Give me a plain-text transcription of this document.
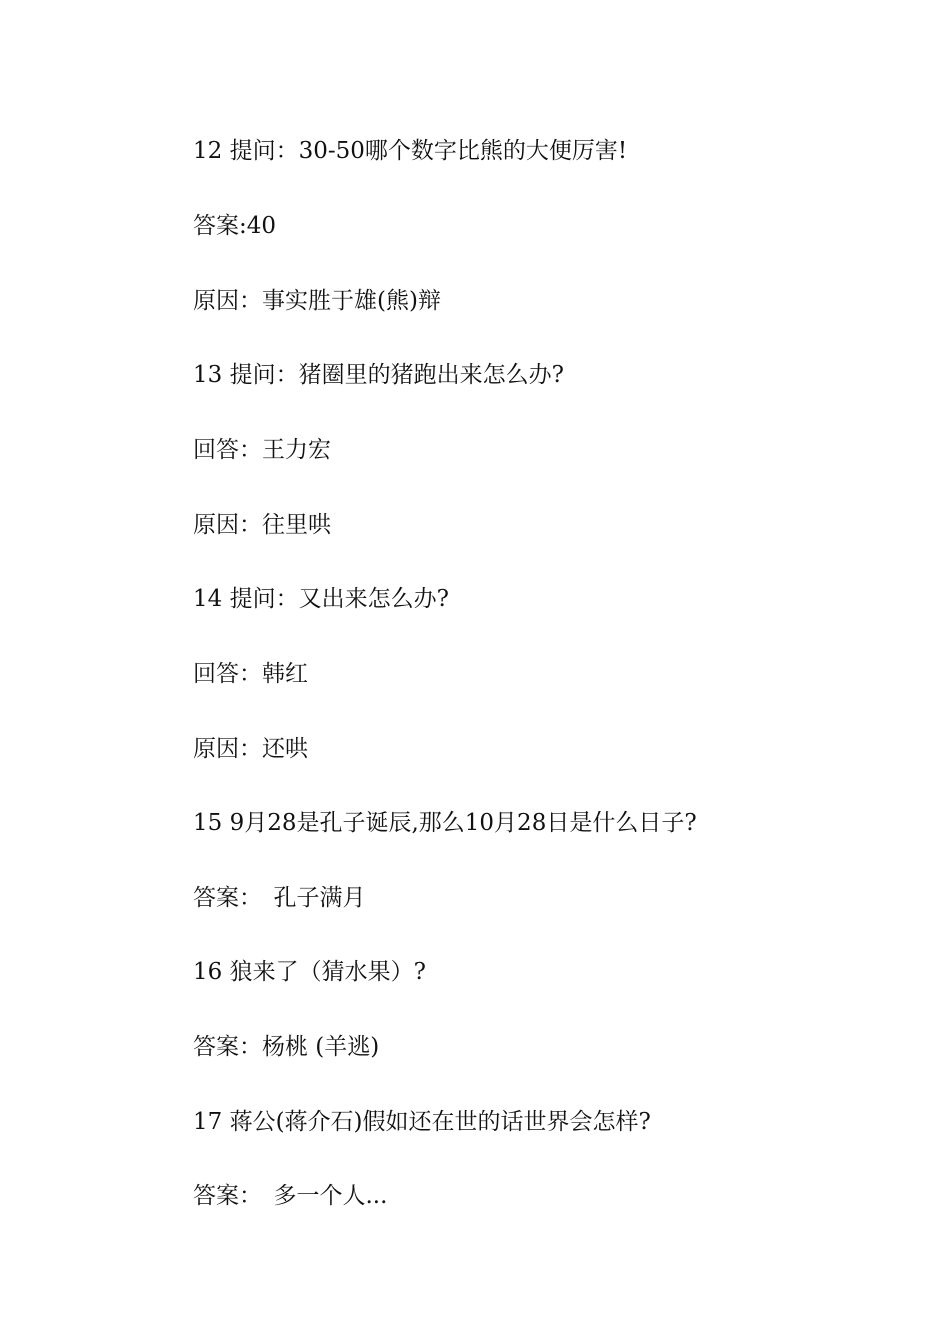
12 提问：30-50哪个数字比熊的大便厉害!
答案:40
原因：事实胜于雄(熊)辩
13 提问：猪圈里的猪跑出来怎么办?
回答：王力宏
原因：往里哄
14 提问：又出来怎么办?
回答：韩红
原因：还哄
15 9月28是孔子诞辰,那么10月28日是什么日子?
答案：　孔子满月
16 狼来了（猜水果）?
答案：杨桃 (羊逃)
17 蒋公(蒋介石)假如还在世的话世界会怎样?
答案：　多一个人...
